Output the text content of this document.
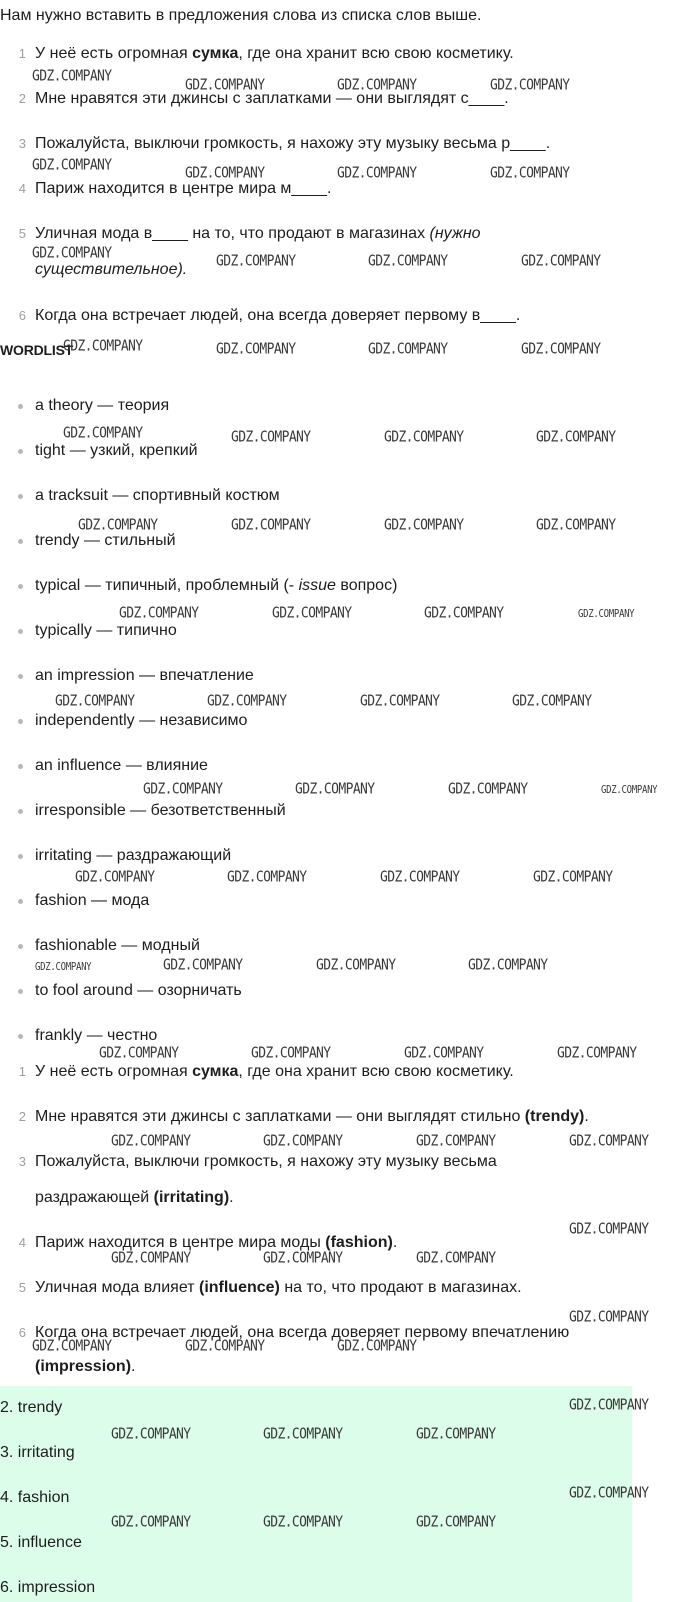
Нам нужно вставить в предложения слова из списка слов выше.
1 У неё есть огромная сумка, где она хранит всю свою косметику.
2 Мне нравятся эти джинсы с заплатками — они выглядят с____.
3 Пожалуйста, выключи громкость, я нахожу эту музыку весьма р____.
4 Париж находится в центре мира м____.
5 Уличная мода в____ на то, что продают в магазинах (нужно
существительное).
6 Когда она встречает людей, она всегда доверяет первому в____.
WORDLIST
a theory — теория
tight — узкий, крепкий
a tracksuit — спортивный костюм
trendy — стильный
typical — типичный, проблемный (- issue вопрос)
typically — типично
an impression — впечатление
independently — независимо
an influence — влияние
irresponsible — безответственный
irritating — раздражающий
fashion — мода
fashionable — модный
to fool around — озорничать
frankly — честно
1 У неё есть огромная сумка, где она хранит всю свою косметику.
2 Мне нравятся эти джинсы с заплатками — они выглядят стильно (trendy).
3 Пожалуйста, выключи громкость, я нахожу эту музыку весьма
раздражающей (irritating).
4 Париж находится в центре мира моды (fashion).
5 Уличная мода влияет (influence) на то, что продают в магазинах.
6 Когда она встречает людей, она всегда доверяет первому впечатлению
(impression).
2. trendy
3. irritating
4. fashion
5. influence
6. impression
GDZ.COMPANY
GDZ.COMPANY	GDZ.COMPANY	GDZ.COMPANY
GDZ.COMPANY	GDZ.COMPANY	GDZ.COMPANY	GDZ.COMPANY
GDZ.COMPANY	GDZ.COMPANY	GDZ.COMPANY	GDZ.COMPANY
GDZ.COMPANY	GDZ.COMPANY	GDZ.COMPANY	GDZ.COMPANY
GDZ.COMPANY	GDZ.COMPANY	GDZ.COMPANY	GDZ.COMPANY
GDZ.COMPANY	GDZ.COMPANY	GDZ.COMPANY	GDZ.COMPANY
GDZ.COMPANY	GDZ.COMPANY	GDZ.COMPANY	GDZ.COMPANY
GDZ.COMPANY	GDZ.COMPANY	GDZ.COMPANY	GDZ.COMPANY
GDZ.COMPANY	GDZ.COMPANY	GDZ.COMPANY	GDZ.COMPANY
GDZ.COMPANY	GDZ.COMPANY	GDZ.COMPANY	GDZ.COMPANY
GDZ.COMPANY	GDZ.COMPANY	GDZ.COMPANY	GDZ.COMPANY
GDZ.COMPANY	GDZ.COMPANY	GDZ.COMPANY	GDZ.COMPANY
GDZ.COMPANY	GDZ.COMPANY	GDZ.COMPANY	GDZ.COMPANY
GDZ.COMPANY
GDZ.COMPANY	GDZ.COMPANY	GDZ.COMPANY
GDZ.COMPANY
GDZ.COMPANY	GDZ.COMPANY	GDZ.COMPANY
GDZ.COMPANY
GDZ.COMPANY	GDZ.COMPANY	GDZ.COMPANY
GDZ.COMPANY
GDZ.COMPANY	GDZ.COMPANY	GDZ.COMPANY
